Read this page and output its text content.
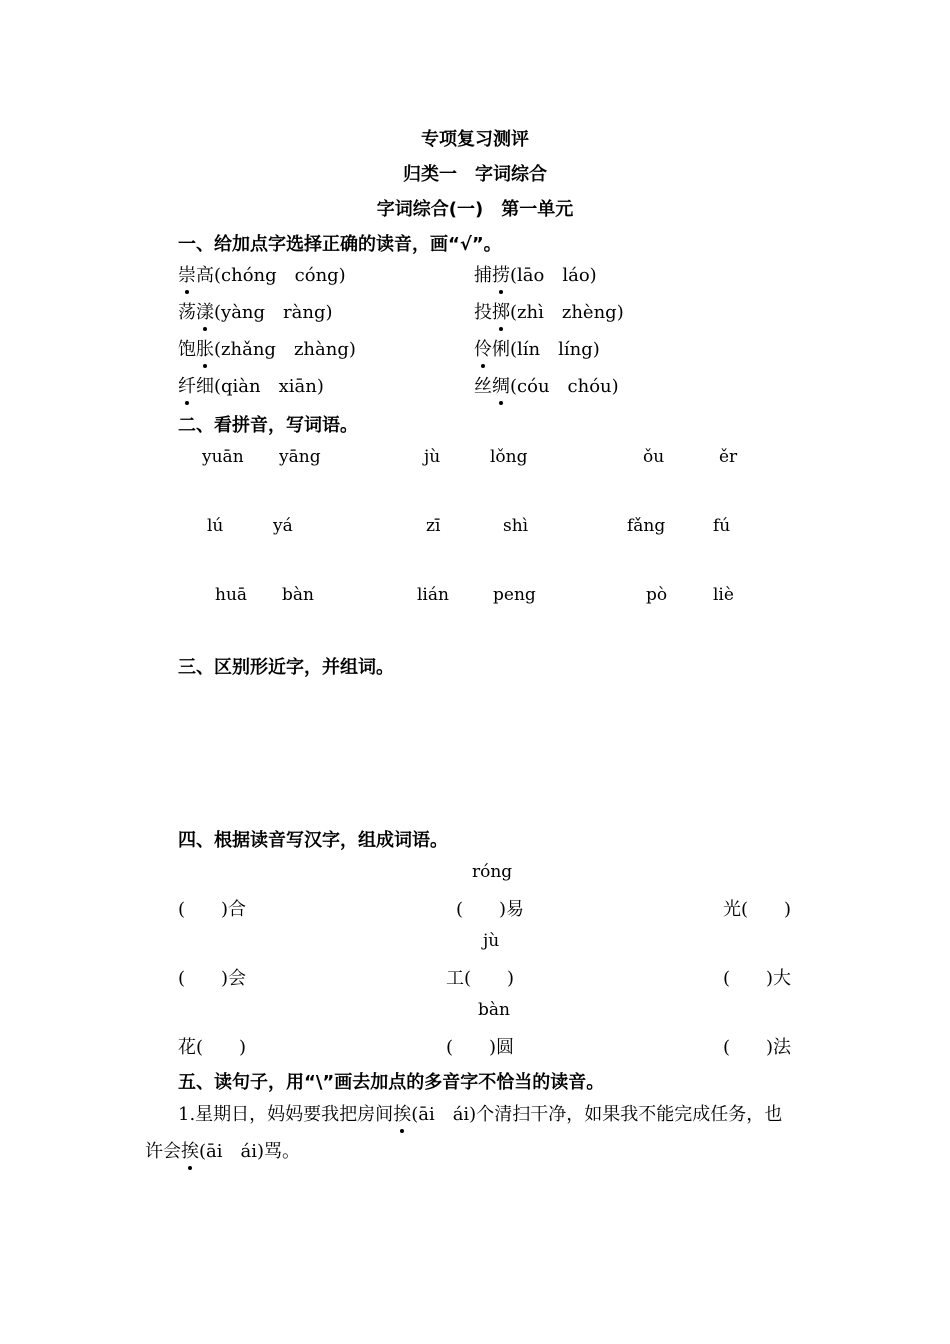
专项复习测评
归类一　字词综合
字词综合(一)　第一单元
一、给加点字选择正确的读音，画“√”。
崇高(chóng　cóng)	捕捞(lāo　láo)
荡漾(yàng　ràng)	投掷(zhì　zhèng)
饱胀(zhǎng　zhàng)	伶俐(lín　líng)
纤细(qiàn　xiān)	丝绸(cóu　chóu)
二、看拼音，写词语。
yuān yāng	jù	lǒng	ǒu	ěr
lú	yá	zī	shì	fǎng	fú
huā bàn	lián	peng	pò	liè
三、区别形近字，并组词。
四、根据读音写汉字，组成词语。
róng
(　　)合	(　　)易	光(　　)
jù
(　　)会	工(　　)	(　　)大
bàn
花(　　)	(　　)圆	(　　)法
五、读句子，用“\”画去加点的多音字不恰当的读音。
1.星期日，妈妈要我把房间挨(āi　ái)个清扫干净，如果我不能完成任务，也
许会挨(āi　ái)骂。
